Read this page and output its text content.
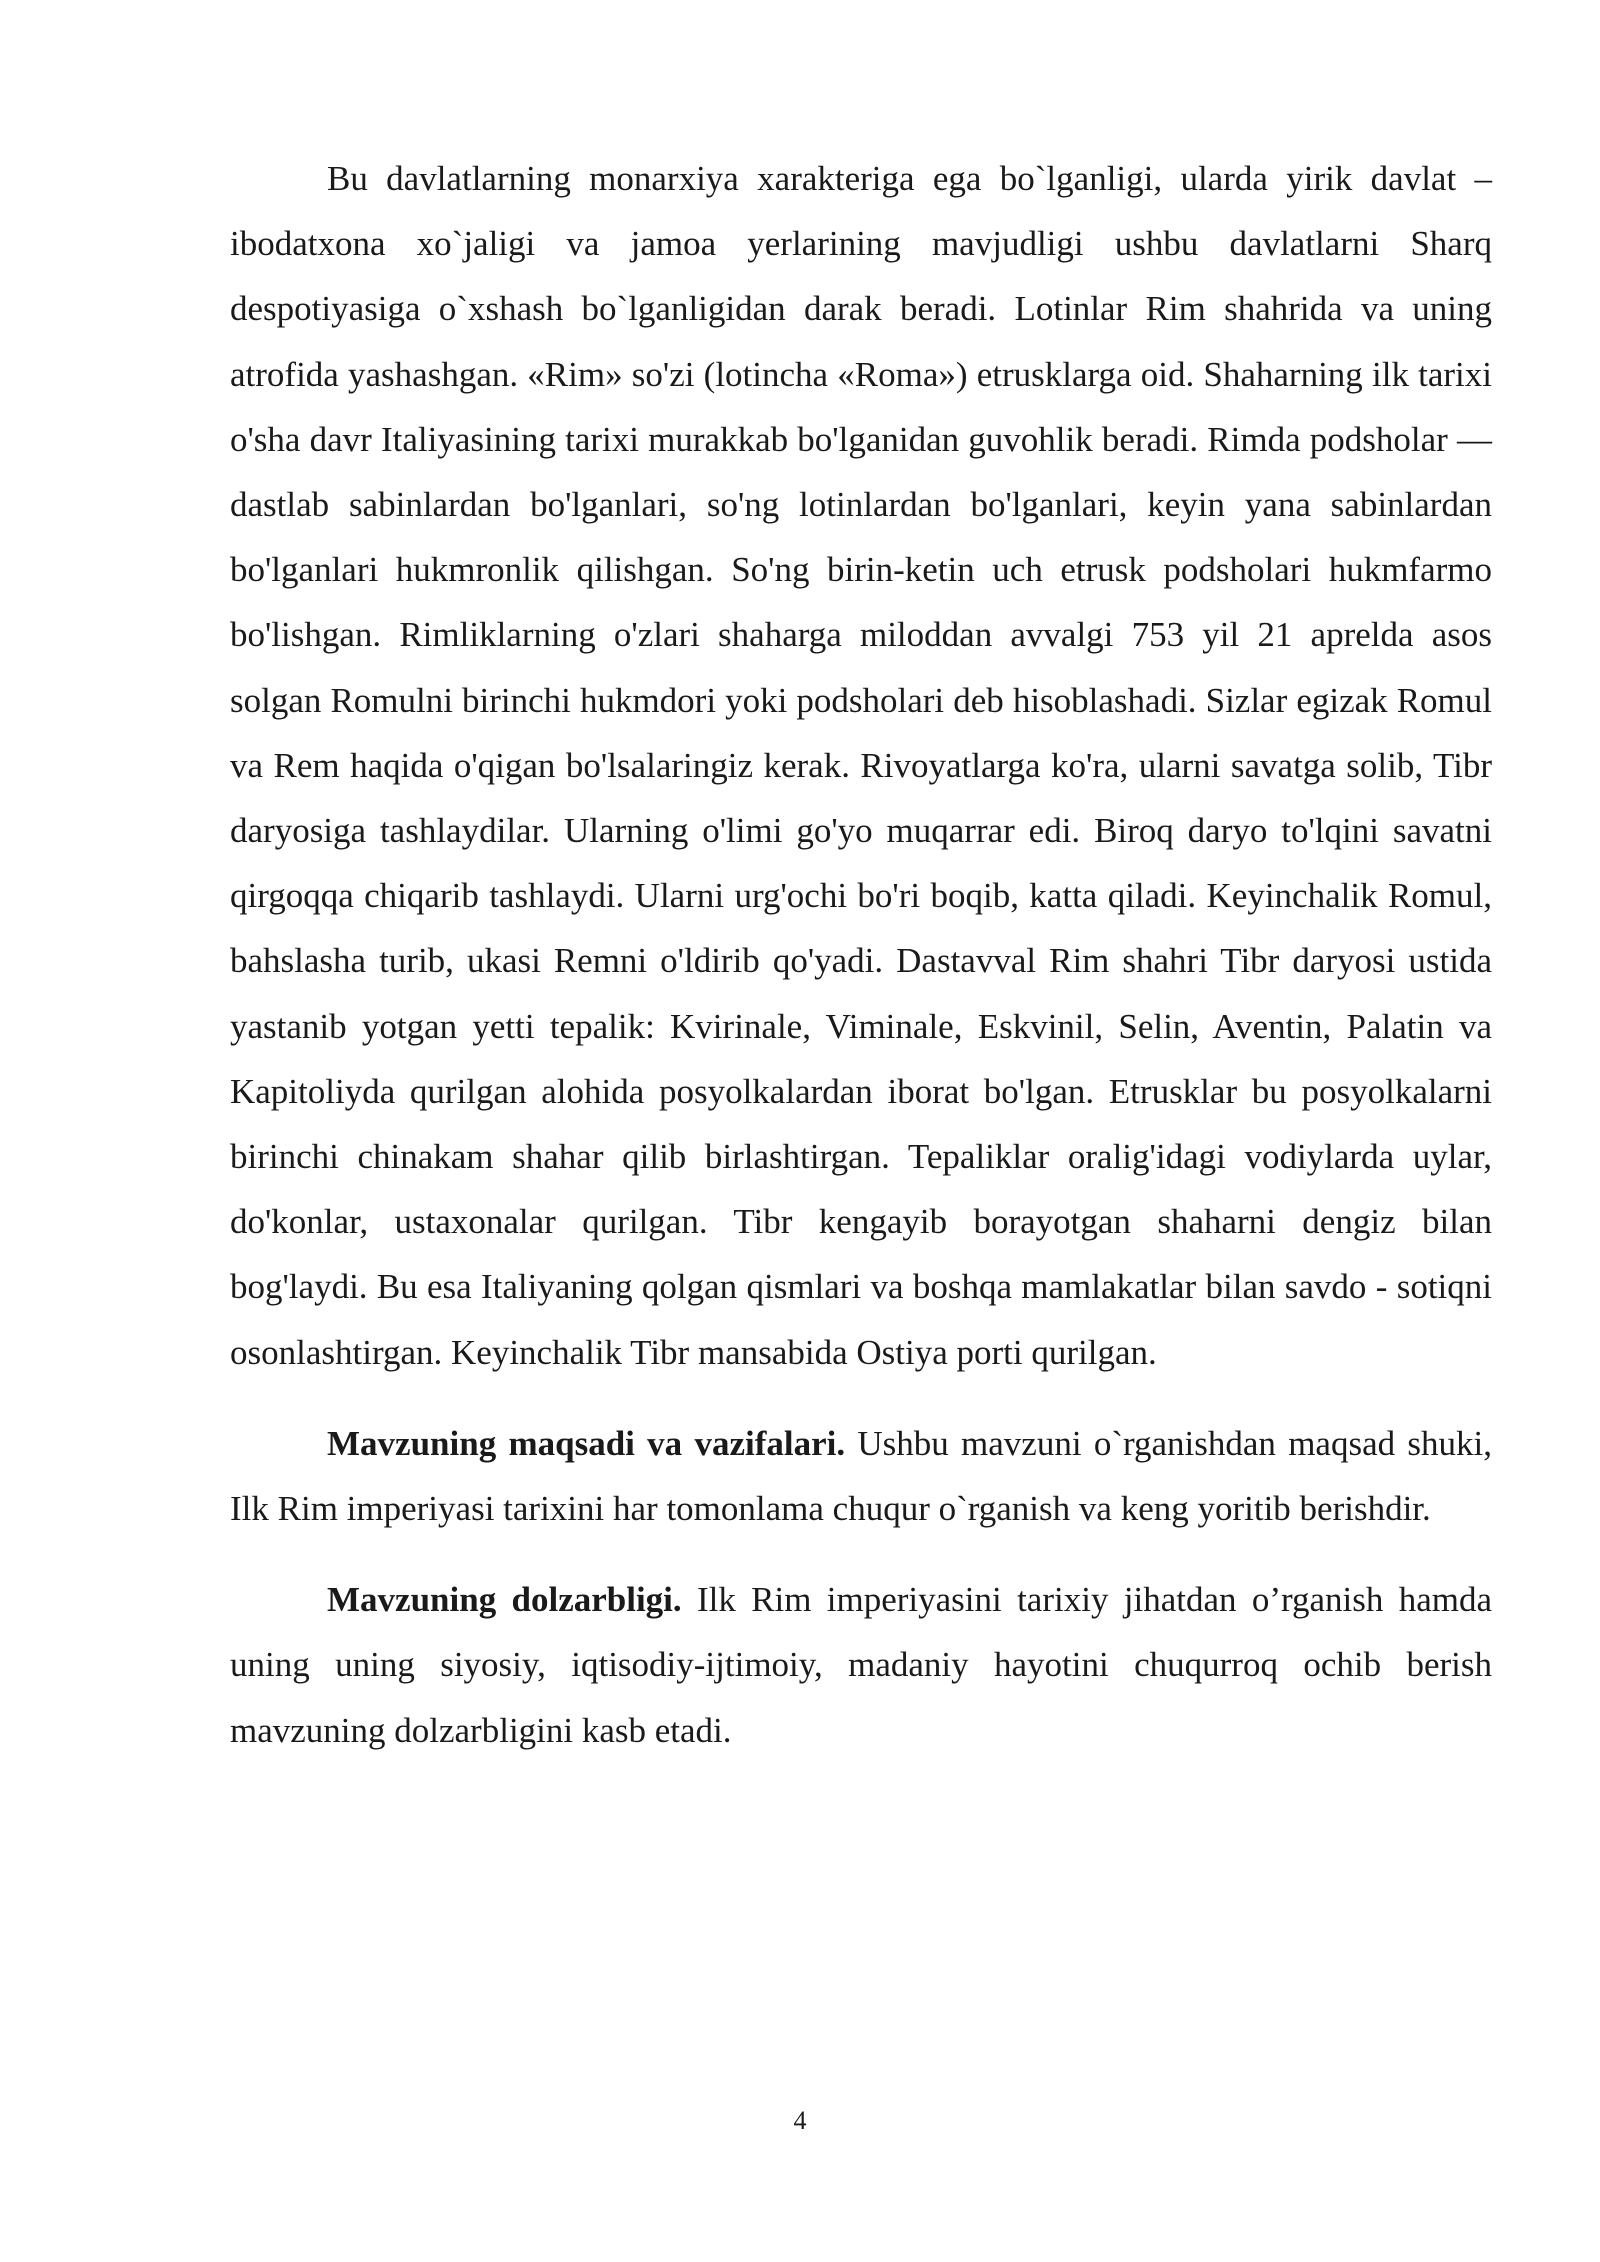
Bu davlatlarning monarxiya xarakteriga ega bo`lganligi, ularda yirik davlat – ibodatxona xo`jaligi va jamoa yerlarining mavjudligi ushbu davlatlarni Sharq despotiyasiga o`xshash bo`lganligidan darak beradi. Lotinlar Rim shahrida va uning atrofida yashashgan. «Rim» so'zi (lotincha «Roma») etrusklarga oid. Shaharning ilk tarixi o'sha davr Italiyasining tarixi murakkab bo'lganidan guvohlik beradi. Rimda podsholar — dastlab sabinlardan bo'lganlari, so'ng lotinlardan bo'lganlari, keyin yana sabinlardan bo'lganlari hukmronlik qilishgan. So'ng birin-ketin uch etrusk podsholari hukmfarmo bo'lishgan. Rimliklarning o'zlari shaharga miloddan avvalgi 753 yil 21 aprelda asos solgan Romulni birinchi hukmdori yoki podsholari deb hisoblashadi. Sizlar egizak Romul va Rem haqida o'qigan bo'lsalaringiz kerak. Rivoyatlarga ko'ra, ularni savatga solib, Tibr daryosiga tashlaydilar. Ularning o'limi go'yo muqarrar edi. Biroq daryo to'lqini savatni qirgoqqa chiqarib tashlaydi. Ularni urg'ochi bo'ri boqib, katta qiladi. Keyinchalik Romul, bahslasha turib, ukasi Remni o'ldirib qo'yadi. Dastavval Rim shahri Tibr daryosi ustida yastanib yotgan yetti tepalik: Kvirinale, Viminale, Eskvinil, Selin, Aventin, Palatin va Kapitoliyda qurilgan alohida posyolkalardan iborat bo'lgan. Etrusklar bu posyolkalarni birinchi chinakam shahar qilib birlashtirgan. Tepaliklar oralig'idagi vodiylarda uylar, do'konlar, ustaxonalar qurilgan. Tibr kengayib borayotgan shaharni dengiz bilan bog'laydi. Bu esa Italiyaning qolgan qismlari va boshqa mamlakatlar bilan savdo - sotiqni osonlashtirgan. Keyinchalik Tibr mansabida Ostiya porti qurilgan.

Mavzuning maqsadi va vazifalari. Ushbu mavzuni o`rganishdan maqsad shuki, Ilk Rim imperiyasi tarixini har tomonlama chuqur o`rganish va keng yoritib berishdir.

Mavzuning dolzarbligi. Ilk Rim imperiyasini tarixiy jihatdan o’rganish hamda uning uning siyosiy, iqtisodiy-ijtimoiy, madaniy hayotini chuqurroq ochib berish mavzuning dolzarbligini kasb etadi.

4
